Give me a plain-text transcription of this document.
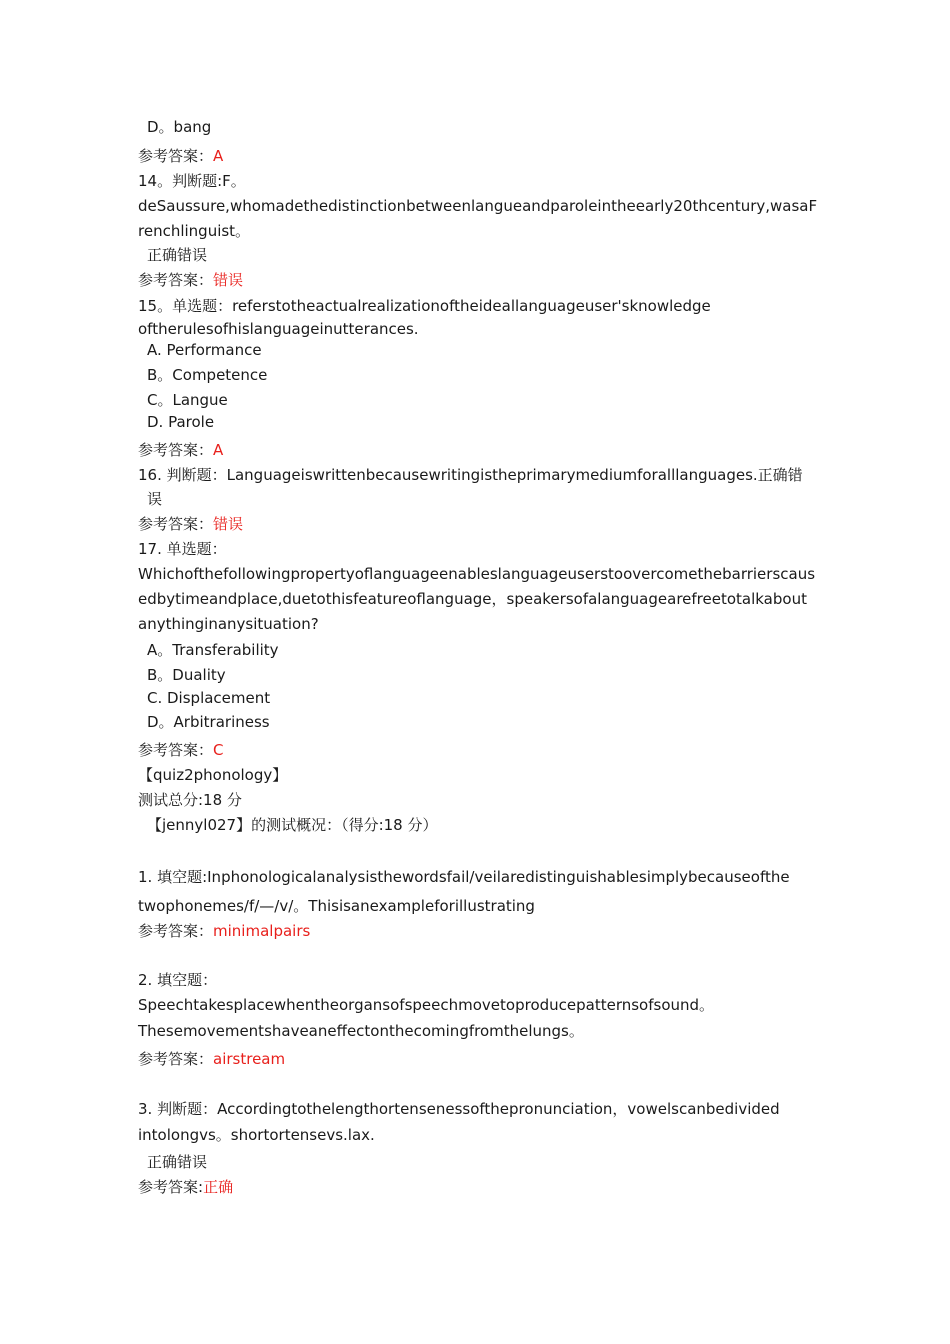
D。bang
参考答案：A
14。判断题:F。
deSaussure,whomadethedistinctionbetweenlangueandparoleintheearly20thcentury,wasaF
renchlinguist。
正确错误
参考答案：错误
15。单选题：referstotheactualrealizationoftheideallanguageuser'sknowledge
oftherulesofhislanguageinutterances.
A. Performance
B。Competence
C。Langue
D. Parole
参考答案：A
16. 判断题：Languageiswrittenbecausewritingistheprimarymediumforalllanguages.正确错
误
参考答案：错误
17. 单选题：
Whichofthefollowingpropertyoflanguageenableslanguageuserstoovercomethebarrierscaus
edbytimeandplace,duetothisfeatureoflanguage，speakersofalanguagearefreetotalkabout
anythinginanysituation?
A。Transferability
B。Duality
C. Displacement
D。Arbitrariness
参考答案：C
【quiz2phonology】
测试总分:18 分
【jennyl027】的测试概况：（得分:18 分）
1. 填空题:Inphonologicalanalysisthewordsfail/veilaredistinguishablesimplybecauseofthe
twophonemes/f/—/v/。Thisisanexampleforillustrating
参考答案：minimalpairs
2. 填空题：
Speechtakesplacewhentheorgansofspeechmovetoproducepatternsofsound。
Thesemovementshaveaneffectonthecomingfromthelungs。
参考答案：airstream
3. 判断题：Accordingtothelengthortensenessofthepronunciation，vowelscanbedivided
intolongvs。shortortensevs.lax.
正确错误
参考答案:正确
